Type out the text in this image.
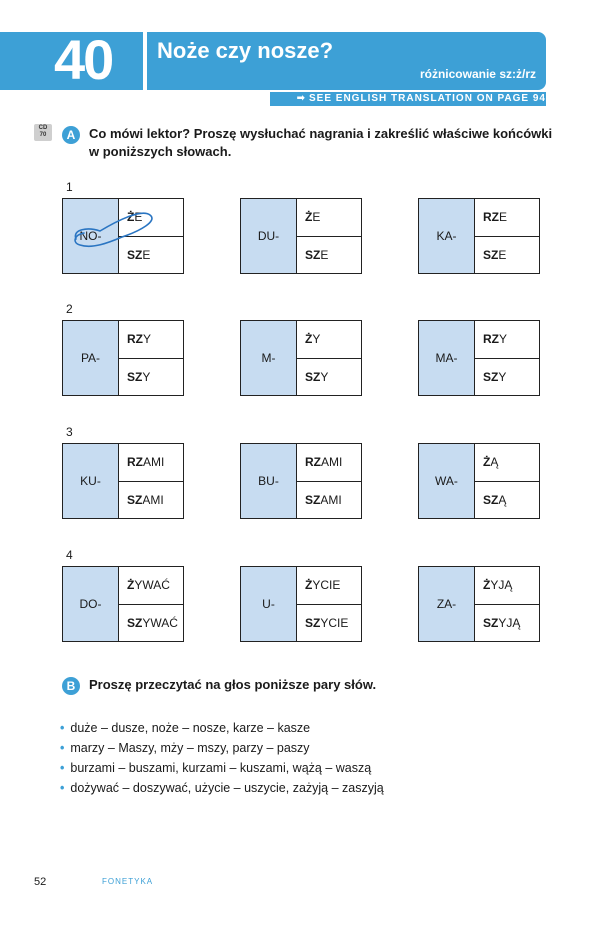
40	Noże czy nosze?
różnicowanie sz:ż/rz
➡ SEE ENGLISH TRANSLATION ON PAGE 94
CD
70	A	Co mówi lektor? Proszę wysłuchać nagrania i zakreślić właściwe końcówki w poniższych słowach.
1
NO-
Ż E
SZ E
DU-
Ż E
SZ E
KA-
RZ E
SZ E
2
PA-
RZ Y
SZ Y
M-
Ż Y
SZ Y
MA-
RZ Y
SZ Y
3
KU-
RZ AMI
SZ AMI
BU-
RZ AMI
SZ AMI
WA-
Ż Ą
SZ Ą
4
DO-
Ż YWAĆ
SZ YWAĆ
U-
Ż YCIE
SZ YCIE
ZA-
Ż YJĄ
SZ YJĄ
B	Proszę przeczytać na głos poniższe pary słów.
• duże – dusze, noże – nosze, karze – kasze
• marzy – Maszy, mży – mszy, parzy – paszy
• burzami – buszami, kurzami – kuszami, wążą – waszą
• dożywać – doszywać, użycie – uszycie, zażyją – zaszyją
52	FONETYKA
